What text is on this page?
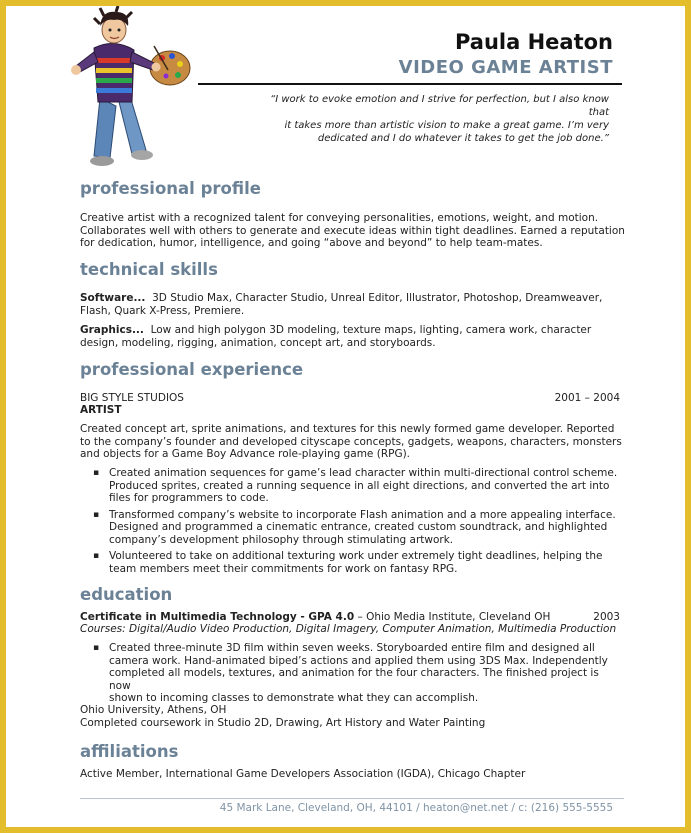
Paula Heaton
VIDEO GAME ARTIST
“I work to evoke emotion and I strive for perfection, but I also know that
it takes more than artistic vision to make a great game. I’m very
dedicated and I do whatever it takes to get the job done.”
professional profile
Creative artist with a recognized talent for conveying personalities, emotions, weight, and motion.
Collaborates well with others to generate and execute ideas within tight deadlines. Earned a reputation
for dedication, humor, intelligence, and going “above and beyond” to help team-mates.
technical skills
Software...  3D Studio Max, Character Studio, Unreal Editor, Illustrator, Photoshop, Dreamweaver,
Flash, Quark X-Press, Premiere.
Graphics...  Low and high polygon 3D modeling, texture maps, lighting, camera work, character
design, modeling, rigging, animation, concept art, and storyboards.
professional experience
BIG STYLE STUDIOS	2001 – 2004
ARTIST
Created concept art, sprite animations, and textures for this newly formed game developer. Reported
to the company’s founder and developed cityscape concepts, gadgets, weapons, characters, monsters
and objects for a Game Boy Advance role-playing game (RPG).
▪ Created animation sequences for game’s lead character within multi-directional control scheme.
Produced sprites, created a running sequence in all eight directions, and converted the art into
files for programmers to code.
▪ Transformed company’s website to incorporate Flash animation and a more appealing interface.
Designed and programmed a cinematic entrance, created custom soundtrack, and highlighted
company’s development philosophy through stimulating artwork.
▪ Volunteered to take on additional texturing work under extremely tight deadlines, helping the
team members meet their commitments for work on fantasy RPG.
education
Certificate in Multimedia Technology - GPA 4.0 – Ohio Media Institute, Cleveland OH	2003
Courses: Digital/Audio Video Production, Digital Imagery, Computer Animation, Multimedia Production
▪ Created three-minute 3D film within seven weeks. Storyboarded entire film and designed all
camera work. Hand-animated biped’s actions and applied them using 3DS Max. Independently
completed all models, textures, and animation for the four characters. The finished project is now
shown to incoming classes to demonstrate what they can accomplish.
Ohio University, Athens, OH
Completed coursework in Studio 2D, Drawing, Art History and Water Painting
affiliations
Active Member, International Game Developers Association (IGDA), Chicago Chapter
45 Mark Lane, Cleveland, OH, 44101 / heaton@net.net / c: (216) 555-5555
